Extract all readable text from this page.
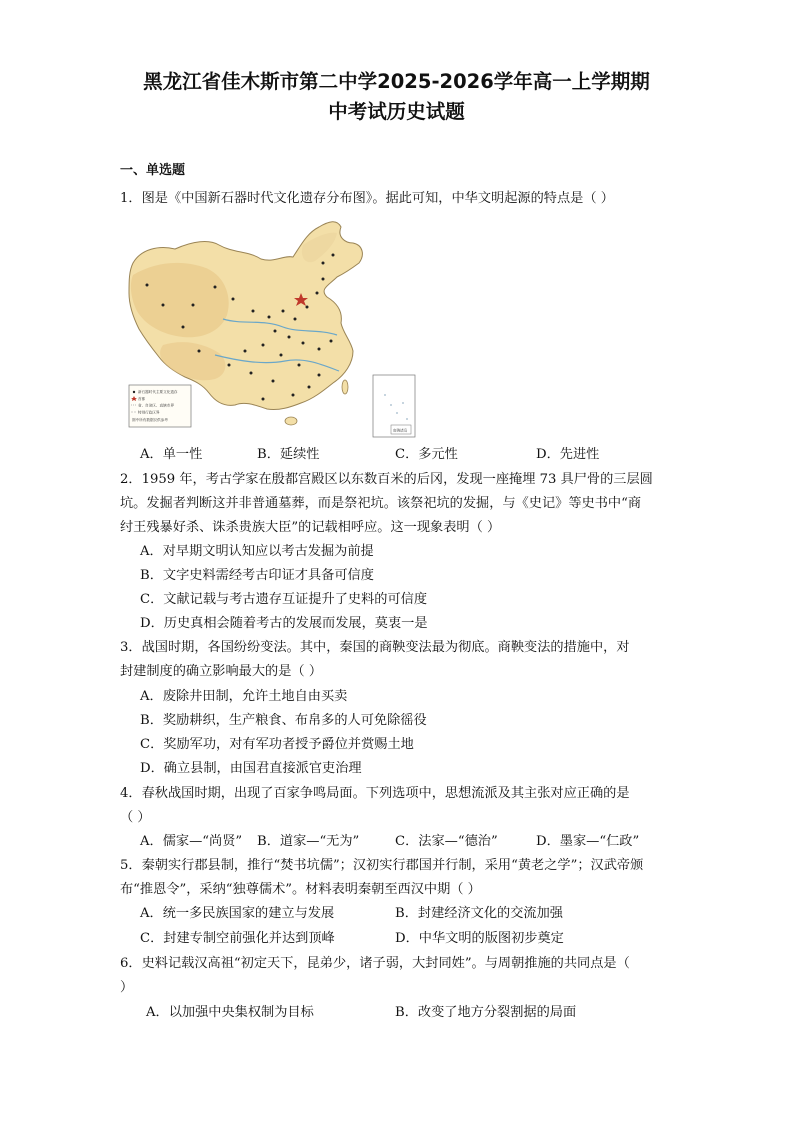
黑龙江省佳木斯市第二中学2025-2026学年高一上学期期
中考试历史试题
一、单选题
1．图是《中国新石器时代文化遗存分布图》。据此可知，中华文明起源的特点是（ ）
新石器时代主要文化遗存
首都
省、自治区、直辖市界
特别行政区界
图中所有数据仅供参考
南海诸岛
A．单一性	B．延续性	C．多元性	D．先进性
2．1959 年，考古学家在殷都宫殿区以东数百米的后冈，发现一座掩埋 73 具尸骨的三层圆
坑。发掘者判断这并非普通墓葬，而是祭祀坑。该祭祀坑的发掘，与《史记》等史书中“商
纣王残暴好杀、诛杀贵族大臣”的记载相呼应。这一现象表明（ ）
A．对早期文明认知应以考古发掘为前提
B．文字史料需经考古印证才具备可信度
C．文献记载与考古遗存互证提升了史料的可信度
D．历史真相会随着考古的发展而发展，莫衷一是
3．战国时期，各国纷纷变法。其中，秦国的商鞅变法最为彻底。商鞅变法的措施中，对
封建制度的确立影响最大的是（ ）
A．废除井田制，允许土地自由买卖
B．奖励耕织，生产粮食、布帛多的人可免除徭役
C．奖励军功，对有军功者授予爵位并赏赐土地
D．确立县制，由国君直接派官吏治理
4．春秋战国时期，出现了百家争鸣局面。下列选项中，思想流派及其主张对应正确的是
（ ）
A．儒家—“尚贤” B．道家—“无为”	C．法家—“德治”	D．墨家—“仁政”
5．秦朝实行郡县制，推行“焚书坑儒”；汉初实行郡国并行制，采用“黄老之学”；汉武帝颁
布“推恩令”，采纳“独尊儒术”。材料表明秦朝至西汉中期（ ）
A．统一多民族国家的建立与发展	B．封建经济文化的交流加强
C．封建专制空前强化并达到顶峰	D．中华文明的版图初步奠定
6．史料记载汉高祖“初定天下，昆弟少，诸子弱，大封同姓”。与周朝推施的共同点是（
）
A．以加强中央集权制为目标	B．改变了地方分裂割据的局面
